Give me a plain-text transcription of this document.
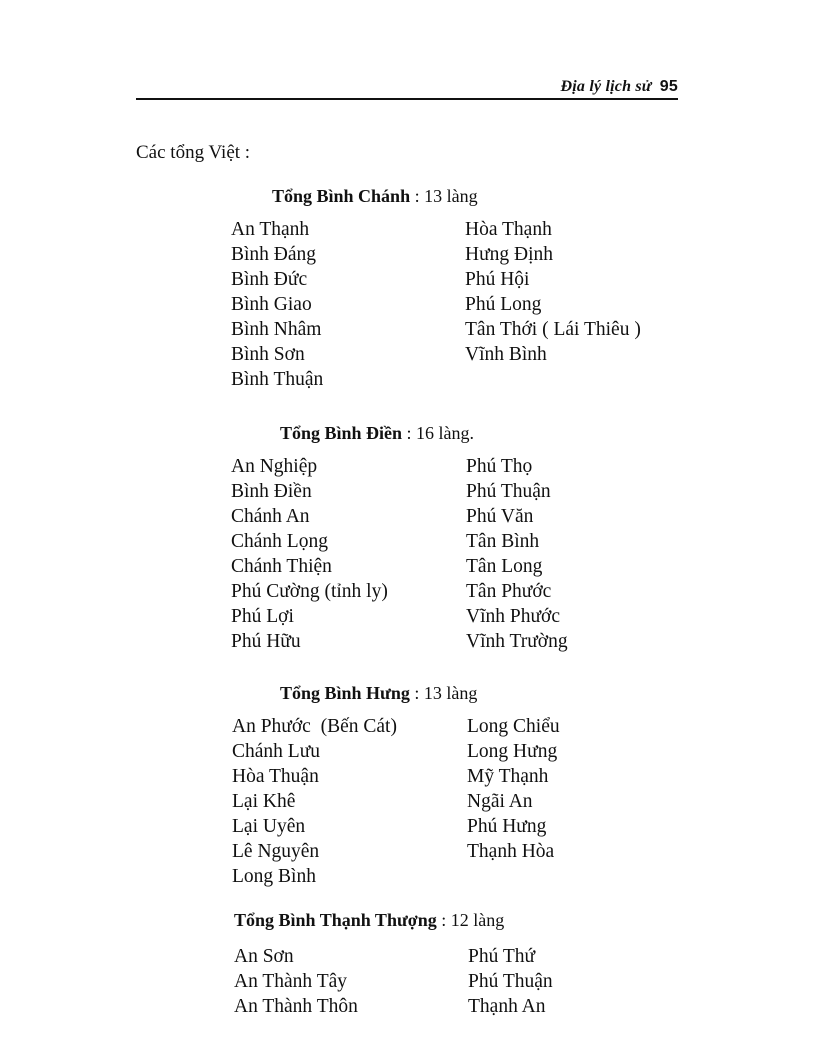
Địa lý lịch sử 95
Các tổng Việt :
Tổng Bình Chánh : 13 làng
An Thạnh
Bình Đáng
Bình Đức
Bình Giao
Bình Nhâm
Bình Sơn
Bình Thuận
Hòa Thạnh
Hưng Định
Phú Hội
Phú Long
Tân Thới ( Lái Thiêu )
Vĩnh Bình
Tổng Bình Điền : 16 làng.
An Nghiệp
Bình Điền
Chánh An
Chánh Lọng
Chánh Thiện
Phú Cường (tỉnh ly)
Phú Lợi
Phú Hữu
Phú Thọ
Phú Thuận
Phú Văn
Tân Bình
Tân Long
Tân Phước
Vĩnh Phước
Vĩnh Trường
Tổng Bình Hưng : 13 làng
An Phước  (Bến Cát)
Chánh Lưu
Hòa Thuận
Lại Khê
Lại Uyên
Lê Nguyên
Long Bình
Long Chiểu
Long Hưng
Mỹ Thạnh
Ngãi An
Phú Hưng
Thạnh Hòa
Tổng Bình Thạnh Thượng : 12 làng
An Sơn
An Thành Tây
An Thành Thôn
Phú Thứ
Phú Thuận
Thạnh An
